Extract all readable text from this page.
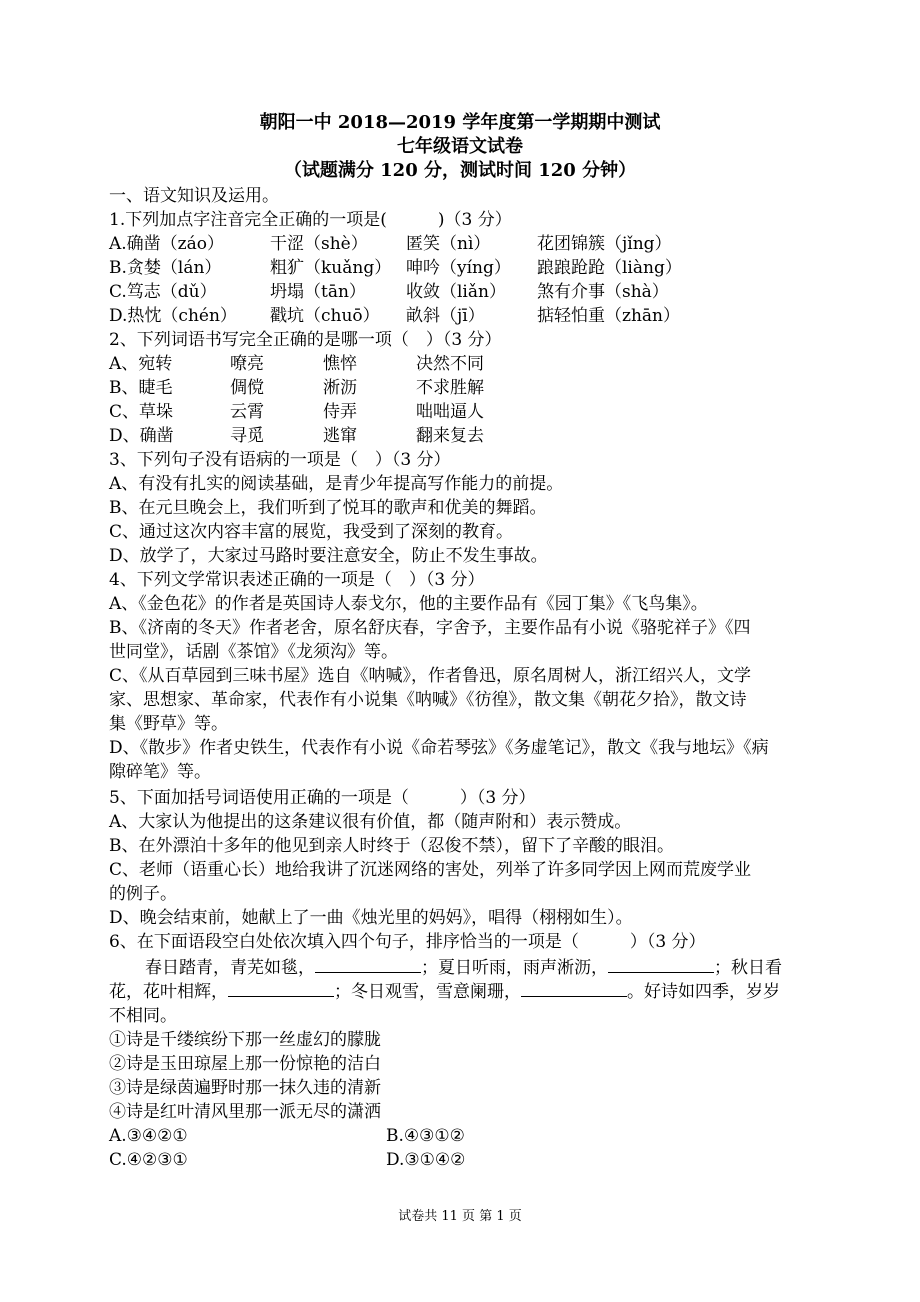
朝阳一中 2018—2019 学年度第一学期期中测试
七年级语文试卷
（试题满分 120 分，测试时间 120 分钟）
一、语文知识及运用。
1.下列加点字注音完全正确的一项是(　　　)（3 分）
A.确凿（záo）	干涩（shè） 匿笑（nì）	花团锦簇（jǐng）
B.贪婪（lán）	粗犷（kuǎng） 呻吟（yíng） 踉踉跄跄（liàng）
C.笃志（dǔ）	坍塌（tān） 收敛（liǎn） 煞有介事（shà）
D.热忱（chén） 戳坑（chuō） 畝斜（jī）	掂轻怕重（zhān）
2、下列词语书写完全正确的是哪一项（　）（3 分）
A、宛转	嘹亮	憔悴	决然不同
B、睫毛	倜傥	淅沥	不求胜解
C、草垛	云霄	侍弄	咄咄逼人
D、确凿	寻觅	逃窜	翻来复去
3、下列句子没有语病的一项是（　）（3 分）
A、有没有扎实的阅读基础，是青少年提高写作能力的前提。
B、在元旦晚会上，我们听到了悦耳的歌声和优美的舞蹈。
C、通过这次内容丰富的展览，我受到了深刻的教育。
D、放学了，大家过马路时要注意安全，防止不发生事故。
4、下列文学常识表述正确的一项是（　）（3 分）
A、《金色花》的作者是英国诗人泰戈尔，他的主要作品有《园丁集》《飞鸟集》。
B、《济南的冬天》作者老舍，原名舒庆春，字舍予，主要作品有小说《骆驼祥子》《四
世同堂》，话剧《茶馆》《龙须沟》等。
C、《从百草园到三味书屋》选自《呐喊》，作者鲁迅，原名周树人，浙江绍兴人，文学
家、思想家、革命家，代表作有小说集《呐喊》《彷徨》，散文集《朝花夕拾》，散文诗
集《野草》等。
D、《散步》作者史铁生，代表作有小说《命若琴弦》《务虚笔记》，散文《我与地坛》《病
隙碎笔》等。
5、下面加括号词语使用正确的一项是（　　　）（3 分）
A、大家认为他提出的这条建议很有价值，都（随声附和）表示赞成。
B、在外漂泊十多年的他见到亲人时终于（忍俊不禁），留下了辛酸的眼泪。
C、老师（语重心长）地给我讲了沉迷网络的害处，列举了许多同学因上网而荒废学业
的例子。
D、晚会结束前，她献上了一曲《烛光里的妈妈》，唱得（栩栩如生）。
6、在下面语段空白处依次填入四个句子，排序恰当的一项是（　　　）（3 分）
春日踏青，青芜如毯，	；夏日听雨，雨声淅沥，	；秋日看
花，花叶相辉，	；冬日观雪，雪意阑珊，	。好诗如四季，岁岁
不相同。
①诗是千缕缤纷下那一丝虚幻的朦胧
②诗是玉田琼屋上那一份惊艳的洁白
③诗是绿茵遍野时那一抹久违的清新
④诗是红叶清风里那一派无尽的潇洒
A.③④②①	B.④③①②
C.④②③①	D.③①④②
试卷共 11 页 第 1 页
